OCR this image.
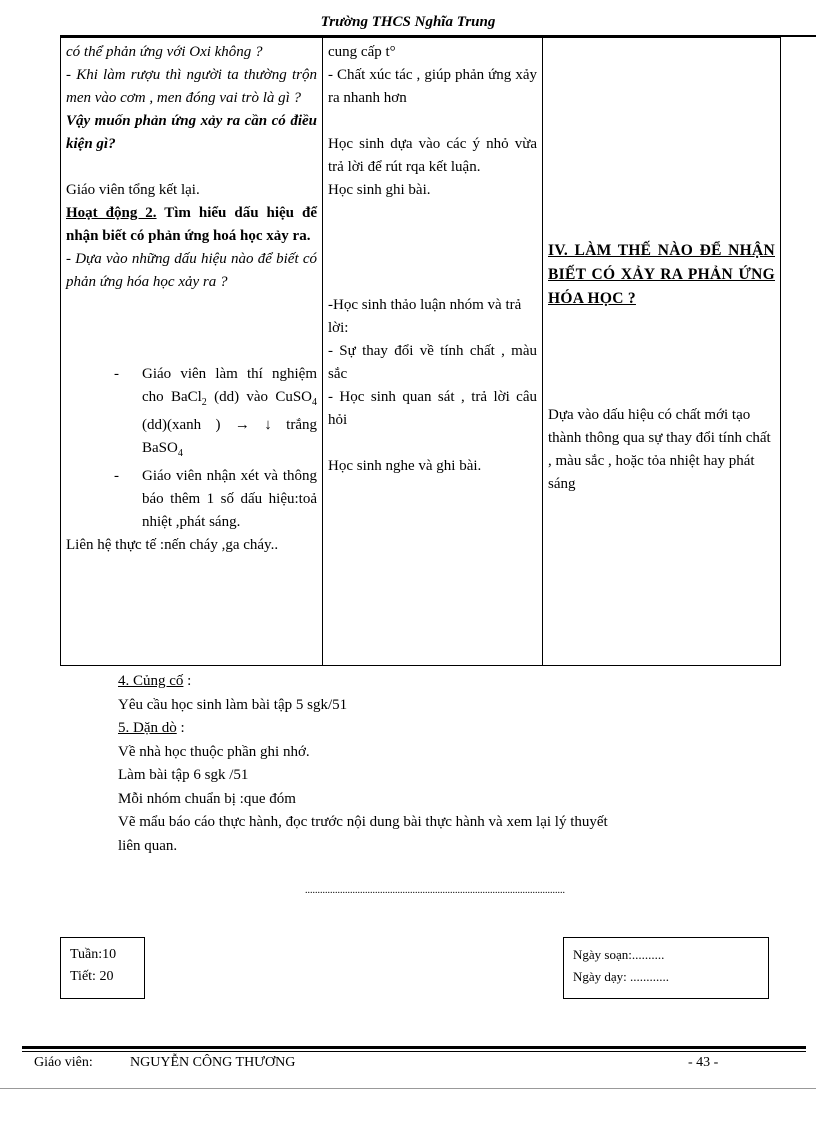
Trường THCS Nghĩa Trung
có thể phản ứng với Oxi không ?
- Khi làm rượu thì người ta thường trộn men vào cơm , men đóng vai trò là gì ?
Vậy muốn phản ứng xảy ra cần có điều kiện gì?
Giáo viên tổng kết lại.
Hoạt động 2. Tìm hiểu dấu hiệu để nhận biết có phản ứng hoá học xảy ra.
- Dựa vào những dấu hiệu nào để biết có phản ứng hóa học xảy ra ?
- Giáo viên làm thí nghiệm cho BaCl$_2$ (dd) vào CuSO$_4$ (dd)(xanh ) → ↓ trắng BaSO$_4$
- Giáo viên nhận xét và thông báo thêm 1 số dấu hiệu:toả nhiệt ,phát sáng.
Liên hệ thực tế :nến cháy ,ga cháy..

cung cấp t°
- Chất xúc tác , giúp phản ứng xảy ra nhanh hơn
Học sinh dựa vào các ý nhỏ vừa trả lời để rút rqa kết luận.
Học sinh ghi bài.
-Học sinh thảo luận nhóm và trả lời:
- Sự thay đổi về tính chất , màu sắc
- Học sinh quan sát , trả lời câu hỏi
Học sinh nghe và ghi bài.

IV. LÀM THẾ NÀO ĐỂ NHẬN BIẾT CÓ XẢY RA PHẢN ỨNG HÓA HỌC ?
Dựa vào dấu hiệu có chất mới tạo thành thông qua sự thay đổi tính chất , màu sắc , hoặc tỏa nhiệt hay phát sáng

4. Củng cố :

Yêu cầu học sinh làm bài tập 5 sgk/51

5. Dặn dò :

Về nhà học thuộc phần ghi nhớ.

Làm bài tập 6 sgk /51

Mỗi nhóm chuẩn bị :que đóm

Vẽ mẩu báo cáo thực hành, đọc trước nội dung bài thực hành và xem lại lý thuyết

liên quan.

........................................................................................................
Tuần:10
Tiết: 20
Ngày soạn:..........
Ngày dạy: ............
Giáo viên:	NGUYỄN CÔNG THƯƠNG	- 43 -
